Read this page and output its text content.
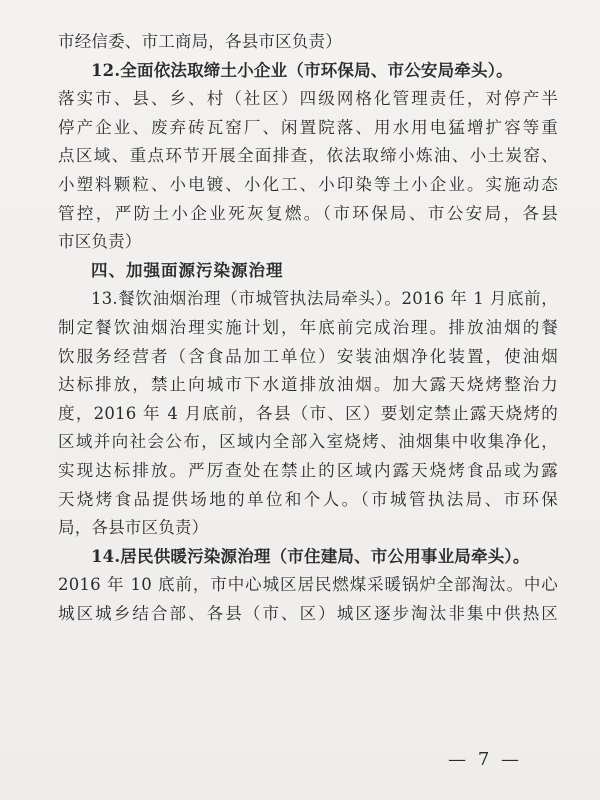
市经信委、市工商局，各县市区负责）
12.全面依法取缔土小企业（市环保局、市公安局牵头）。
落实市、县、乡、村（社区）四级网格化管理责任，对停产半
停产企业、废弃砖瓦窑厂、闲置院落、用水用电猛增扩容等重
点区域、重点环节开展全面排查，依法取缔小炼油、小土炭窑、
小塑料颗粒、小电镀、小化工、小印染等土小企业。实施动态
管控，严防土小企业死灰复燃。（市环保局、市公安局，各县
市区负责）
四、加强面源污染源治理
13.餐饮油烟治理（市城管执法局牵头）。2016 年 1 月底前，
制定餐饮油烟治理实施计划，年底前完成治理。排放油烟的餐
饮服务经营者（含食品加工单位）安装油烟净化装置，使油烟
达标排放，禁止向城市下水道排放油烟。加大露天烧烤整治力
度，2016 年 4 月底前，各县（市、区）要划定禁止露天烧烤的
区域并向社会公布，区域内全部入室烧烤、油烟集中收集净化，
实现达标排放。严厉查处在禁止的区域内露天烧烤食品或为露
天烧烤食品提供场地的单位和个人。（市城管执法局、市环保
局，各县市区负责）
14.居民供暖污染源治理（市住建局、市公用事业局牵头）。
2016 年 10 底前，市中心城区居民燃煤采暖锅炉全部淘汰。中心
城区城乡结合部、各县（市、区）城区逐步淘汰非集中供热区
— 7 —
